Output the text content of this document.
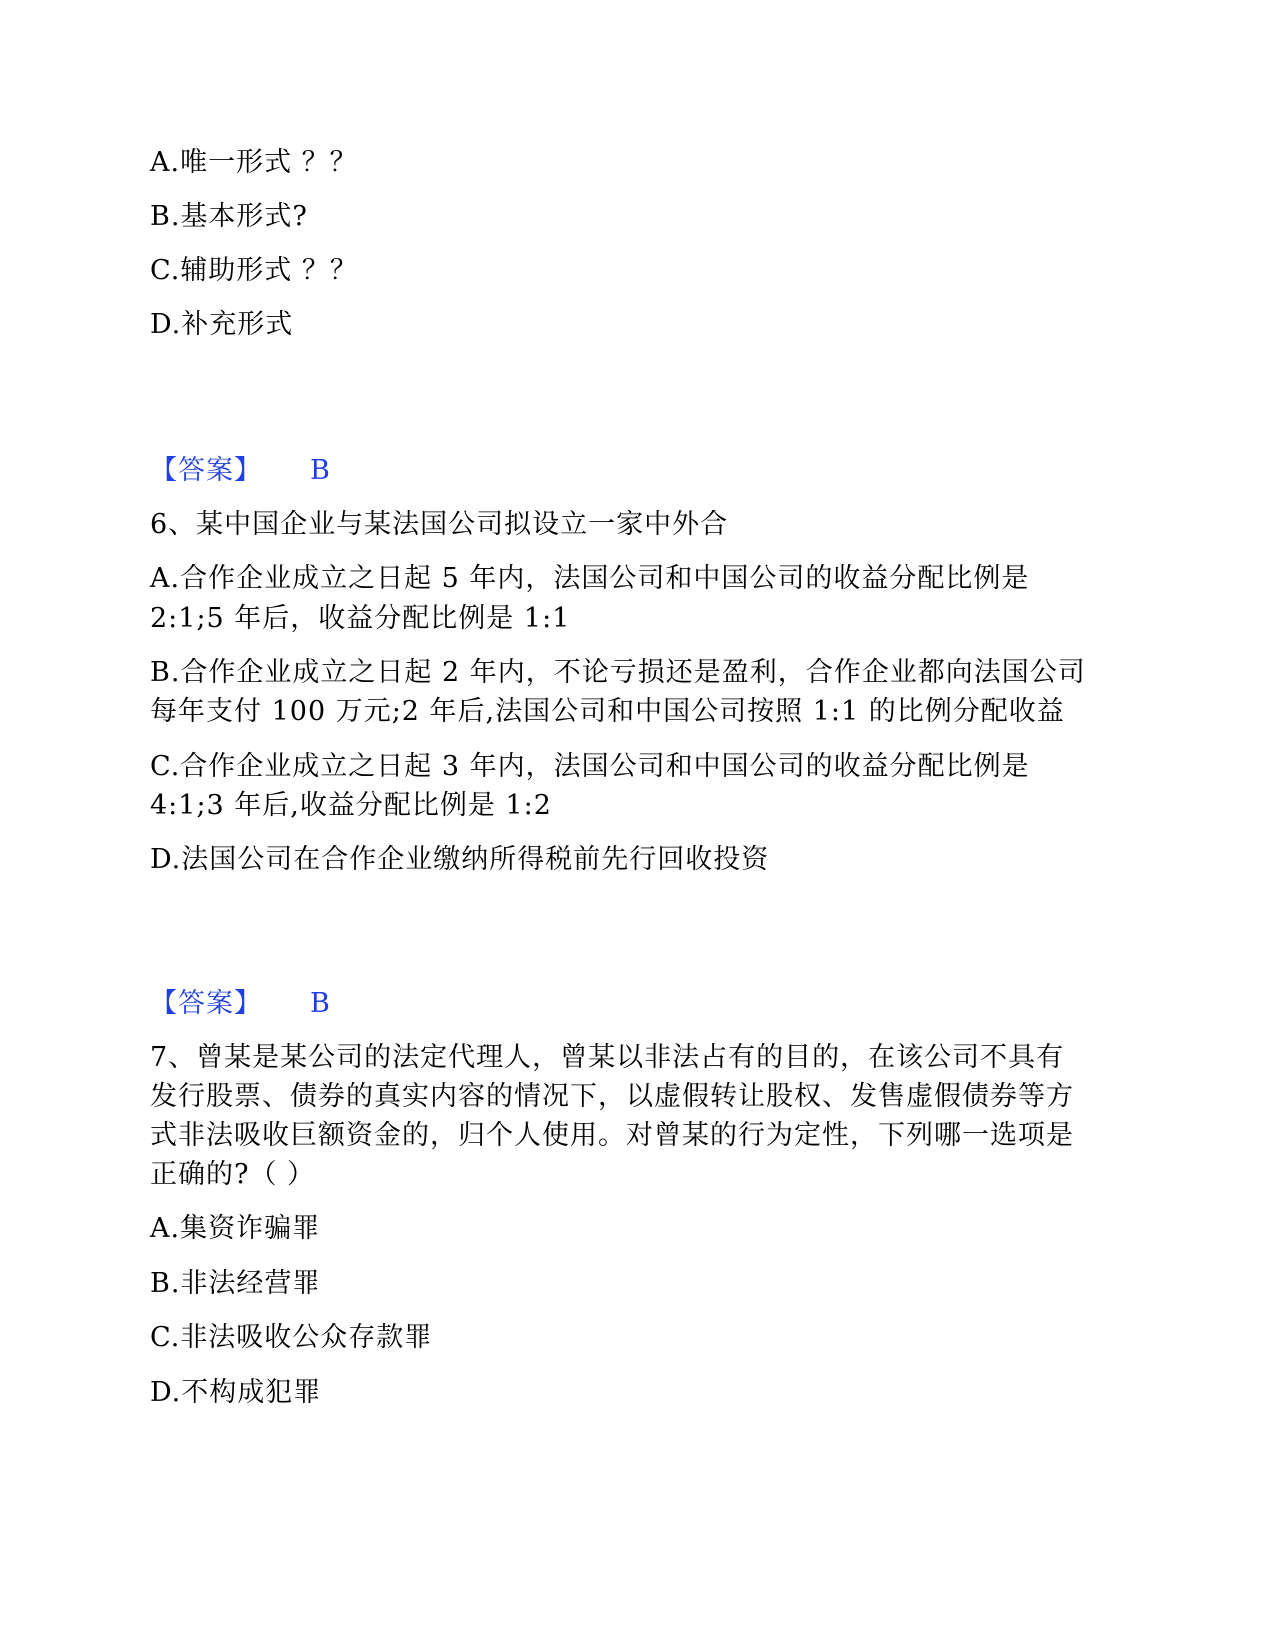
A.唯一形式 ？？
B.基本形式?
C.辅助形式 ？？
D.补充形式
【答案】 B
6、某中国企业与某法国公司拟设立一家中外合
A.合作企业成立之日起 5 年内，法国公司和中国公司的收益分配比例是
2:1;5 年后，收益分配比例是 1:1
B.合作企业成立之日起 2 年内，不论亏损还是盈利，合作企业都向法国公司
每年支付 100 万元;2 年后,法国公司和中国公司按照 1:1 的比例分配收益
C.合作企业成立之日起 3 年内，法国公司和中国公司的收益分配比例是
4:1;3 年后,收益分配比例是 1:2
D.法国公司在合作企业缴纳所得税前先行回收投资
【答案】 B
7、曾某是某公司的法定代理人，曾某以非法占有的目的，在该公司不具有
发行股票、债券的真实内容的情况下，以虚假转让股权、发售虚假债券等方
式非法吸收巨额资金的，归个人使用。对曾某的行为定性，下列哪一选项是
正确的?（ ）
A.集资诈骗罪
B.非法经营罪
C.非法吸收公众存款罪
D.不构成犯罪
